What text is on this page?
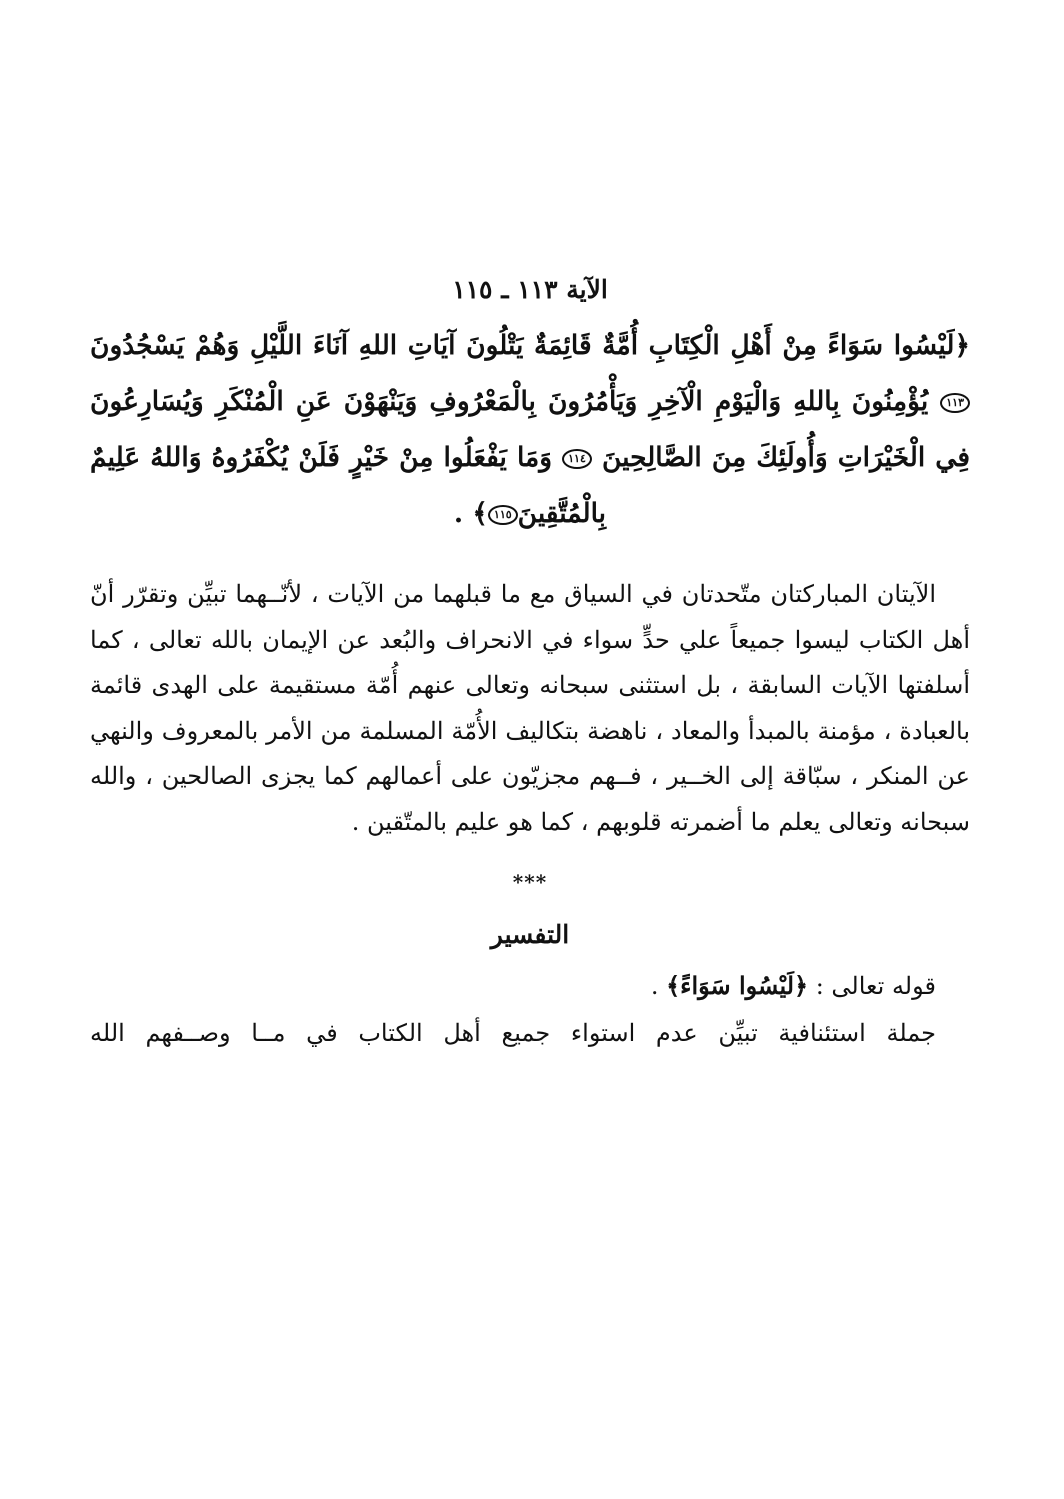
الآية ١١٣ ـ ١١٥

﴿لَيْسُوا سَوَاءً مِنْ أَهْلِ الْكِتَابِ أُمَّةٌ قَائِمَةٌ يَتْلُونَ آيَاتِ اللهِ آنَاءَ اللَّيْلِ وَهُمْ يَسْجُدُونَ١١٣ يُؤْمِنُونَ بِاللهِ وَالْيَوْمِ الْآخِرِ وَيَأْمُرُونَ بِالْمَعْرُوفِ وَيَنْهَوْنَ عَنِ الْمُنْكَرِ وَيُسَارِعُونَ فِي الْخَيْرَاتِ وَأُولَئِكَ مِنَ الصَّالِحِينَ ١١٤ وَمَا يَفْعَلُوا مِنْ خَيْرٍ فَلَنْ يُكْفَرُوهُ وَاللهُ عَلِيمٌ بِالْمُتَّقِينَ١١٥﴾ .

الآيتان المباركتان متّحدتان في السياق مع ما قبلهما من الآيات ، لأنّــهما تبيِّن وتقرّر أنّ أهل الكتاب ليسوا جميعاً علي حدٍّ سواء في الانحراف والبُعد عن الإيمان بالله تعالى ، كما أسلفتها الآيات السابقة ، بل استثنى سبحانه وتعالى عنهم أُمّة مستقيمة على الهدى قائمة بالعبادة ، مؤمنة بالمبدأ والمعاد ، ناهضة بتكاليف الأُمّة المسلمة من الأمر بالمعروف والنهي عن المنكر ، سبّاقة إلى الخــير ، فــهم مجزيّون على أعمالهم كما يجزى الصالحين ، والله سبحانه وتعالى يعلم ما أضمرته قلوبهم ، كما هو عليم بالمتّقين .

***
التفسير

قوله تعالى : ﴿لَيْسُوا سَوَاءً﴾ .

جملة استئنافية تبيِّن عدم استواء جميع أهل الكتاب في مــا وصــفهم الله
